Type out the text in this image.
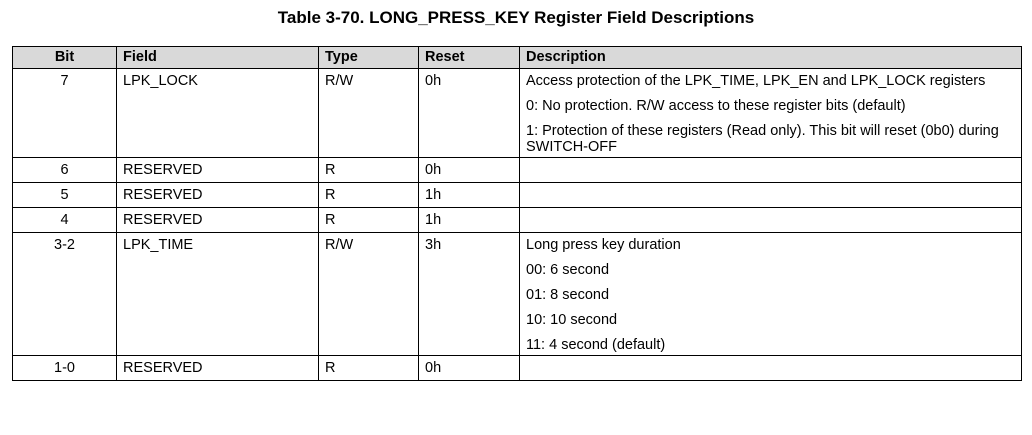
Table 3-70. LONG_PRESS_KEY Register Field Descriptions
Bit	Field	Type	Reset	Description
7	LPK_LOCK	R/W	0h	Access protection of the LPK_TIME, LPK_EN and LPK_LOCK registers

0: No protection. R/W access to these register bits (default)

1: Protection of these registers (Read only). This bit will reset (0b0) during SWITCH-OFF

6	RESERVED	R	0h	
5	RESERVED	R	1h	
4	RESERVED	R	1h	
3-2	LPK_TIME	R/W	3h	Long press key duration

00: 6 second

01: 8 second

10: 10 second

11: 4 second (default)

1-0	RESERVED	R	0h	
